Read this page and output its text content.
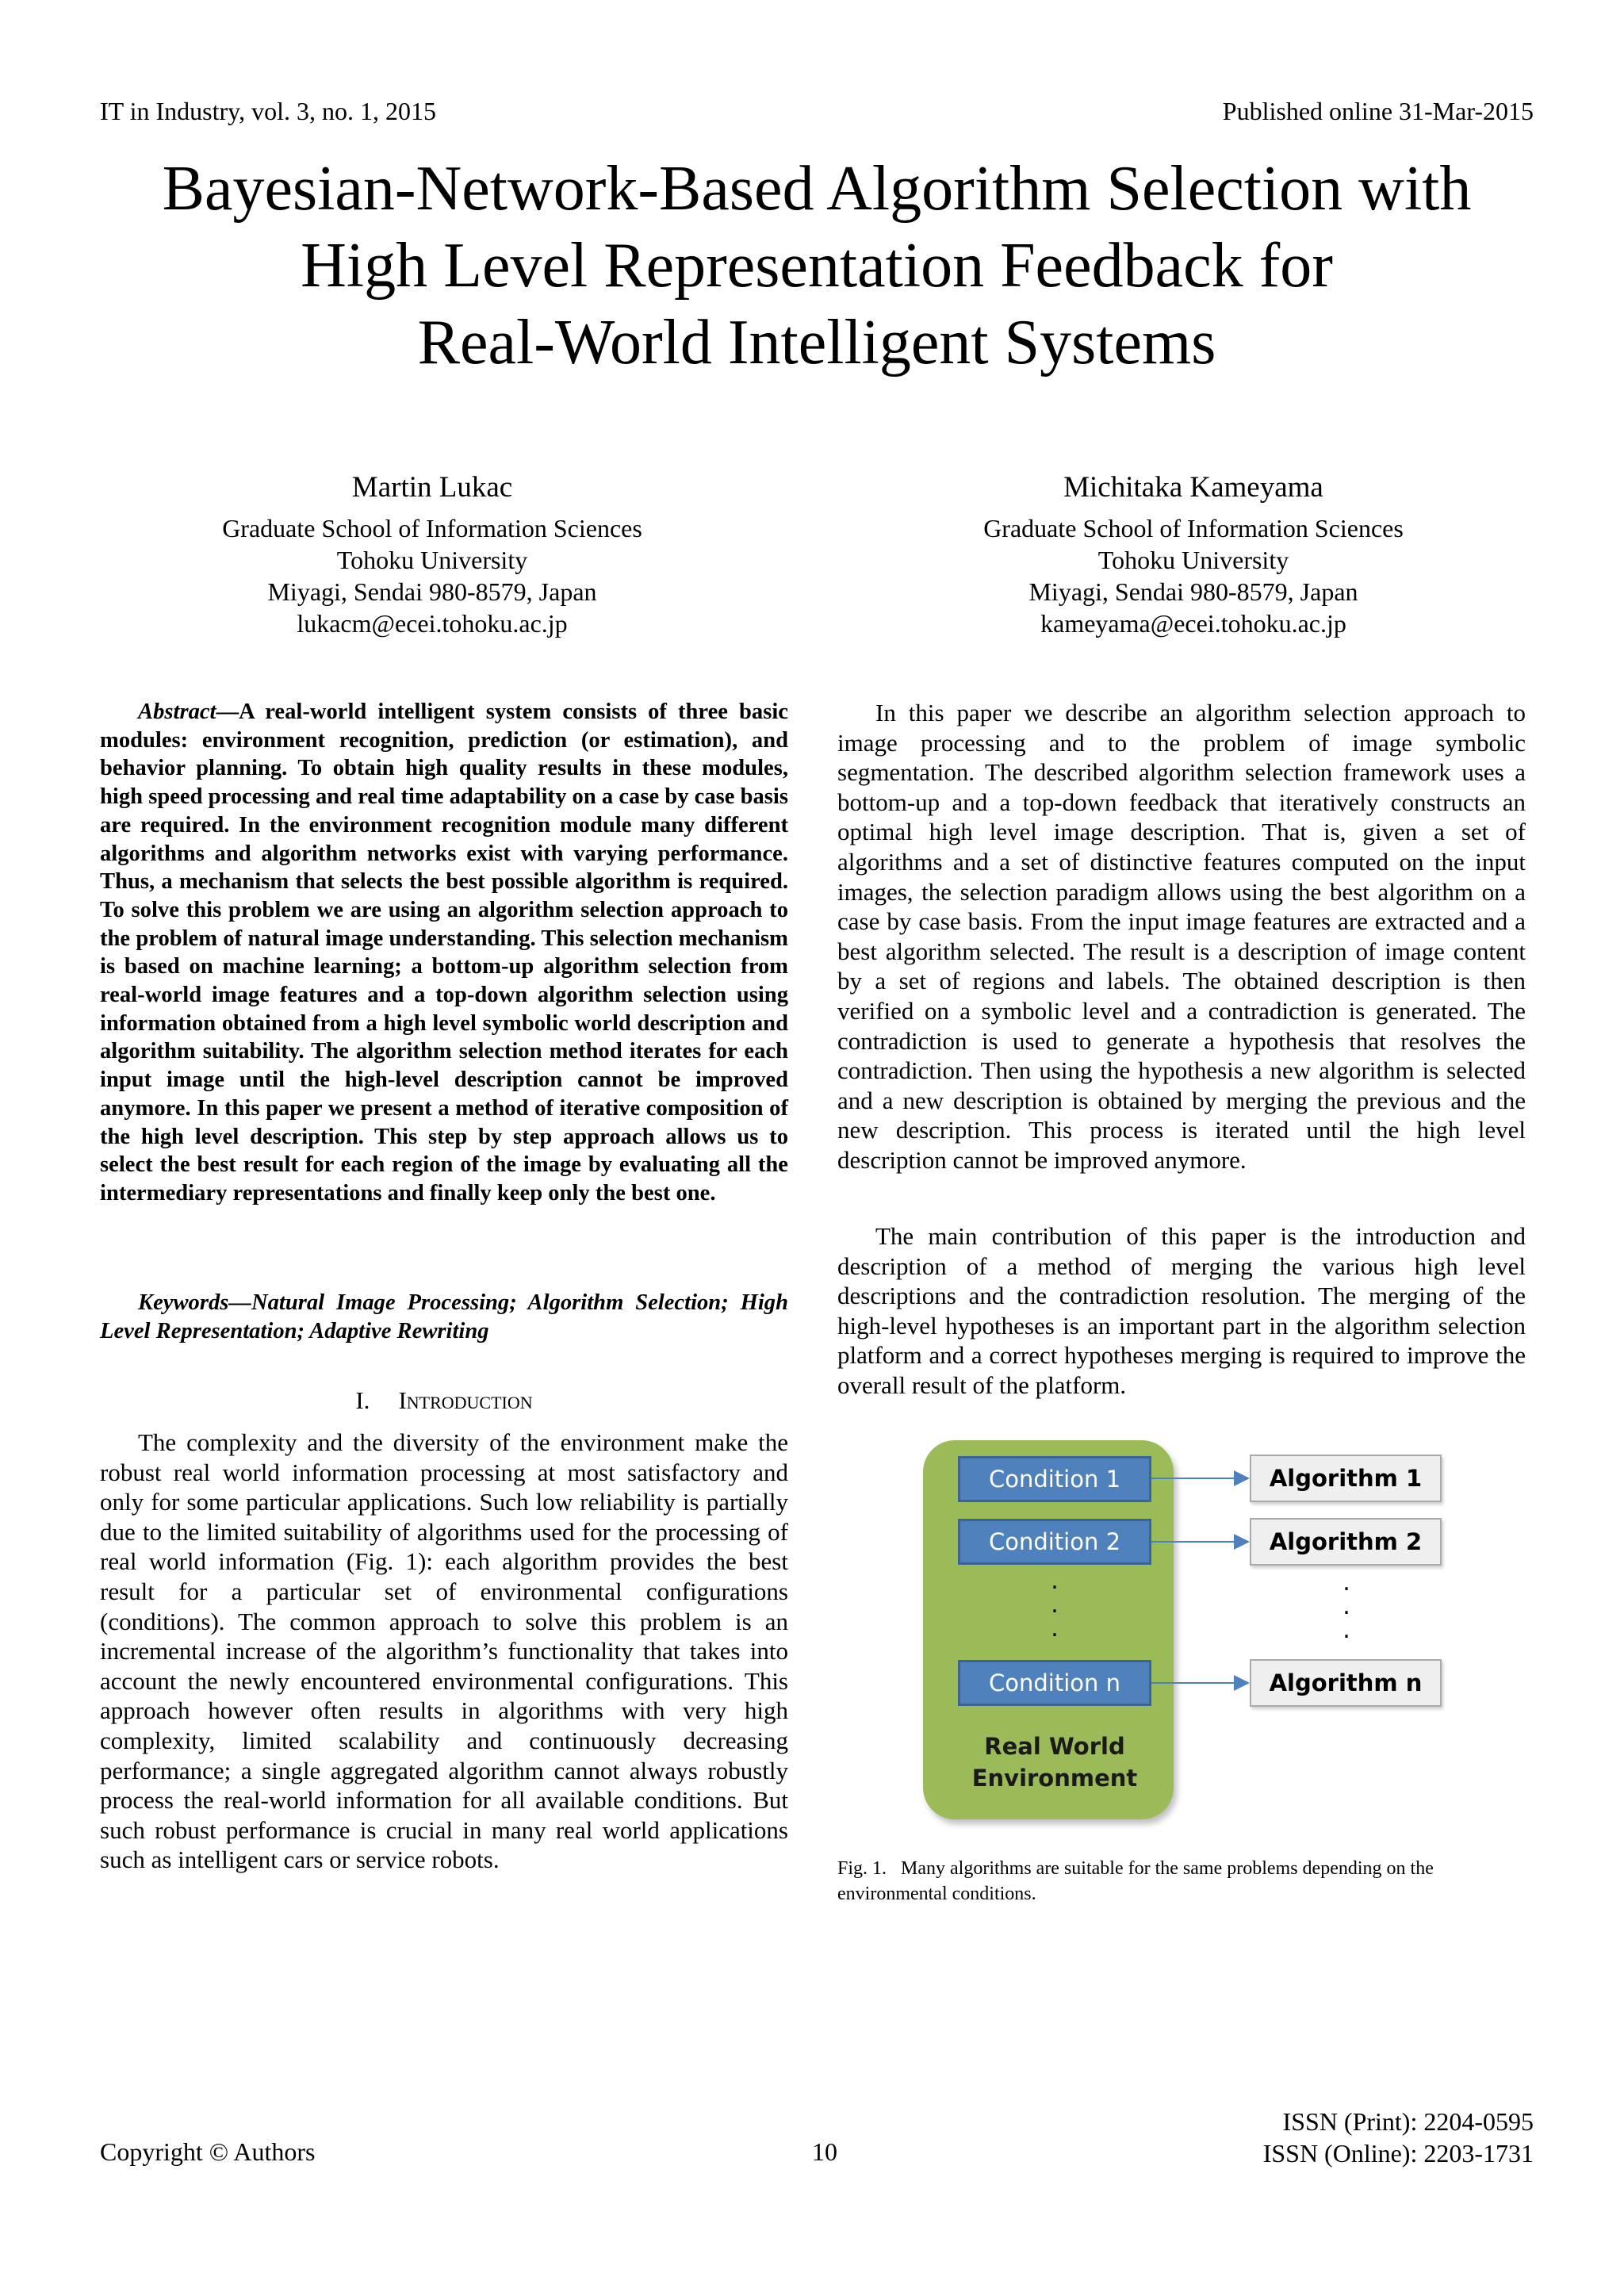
IT in Industry, vol. 3, no. 1, 2015	Published online 31-Mar-2015
Bayesian-Network-Based Algorithm Selection with
High Level Representation Feedback for
Real-World Intelligent Systems
Martin Lukac
Graduate School of Information Sciences
Tohoku University
Miyagi, Sendai 980-8579, Japan
lukacm@ecei.tohoku.ac.jp
Michitaka Kameyama
Graduate School of Information Sciences
Tohoku University
Miyagi, Sendai 980-8579, Japan
kameyama@ecei.tohoku.ac.jp

Abstract—A real-world intelligent system consists of three basic modules: environment recognition, prediction (or estimation), and behavior planning. To obtain high quality results in these modules, high speed processing and real time adaptability on a case by case basis are required. In the environment recognition module many different algorithms and algorithm networks exist with varying performance. Thus, a mechanism that selects the best possible algorithm is required. To solve this problem we are using an algorithm selection approach to the problem of natural image understanding. This selection mechanism is based on machine learning; a bottom-up algorithm selection from real-world image features and a top-down algorithm selection using information obtained from a high level symbolic world description and algorithm suitability. The algorithm selection method iterates for each input image until the high-level description cannot be improved anymore. In this paper we present a method of iterative composition of the high level description. This step by step approach allows us to select the best result for each region of the image by evaluating all the intermediary representations and finally keep only the best one.

Keywords—Natural Image Processing; Algorithm Selection; High Level Representation; Adaptive Rewriting

I. Introduction

The complexity and the diversity of the environment make the robust real world information processing at most satisfactory and only for some particular applications. Such low reliability is partially due to the limited suitability of algorithms used for the processing of real world information (Fig. 1): each algorithm provides the best result for a particular set of environmental configurations (conditions). The common approach to solve this problem is an incremental increase of the algorithm’s functionality that takes into account the newly encountered environmental configurations. This approach however often results in algorithms with very high complexity, limited scalability and continuously decreasing performance; a single aggregated algorithm cannot always robustly process the real-world information for all available conditions. But such robust performance is crucial in many real world applications such as intelligent cars or service robots.

In this paper we describe an algorithm selection approach to image processing and to the problem of image symbolic segmentation. The described algorithm selection framework uses a bottom-up and a top-down feedback that iteratively constructs an optimal high level image description. That is, given a set of algorithms and a set of distinctive features computed on the input images, the selection paradigm allows using the best algorithm on a case by case basis. From the input image features are extracted and a best algorithm selected. The result is a description of image content by a set of regions and labels. The obtained description is then verified on a symbolic level and a contradiction is generated. The contradiction is used to generate a hypothesis that resolves the contradiction. Then using the hypothesis a new algorithm is selected and a new description is obtained by merging the previous and the new description. This process is iterated until the high level description cannot be improved anymore.

The main contribution of this paper is the introduction and description of a method of merging the various high level descriptions and the contradiction resolution. The merging of the high-level hypotheses is an important part in the algorithm selection platform and a correct hypotheses merging is required to improve the overall result of the platform.

Condition 1
Condition 2
Condition n
.
.
.
Algorithm 1
Algorithm 2
Algorithm n
.
.
.
Real World
Environment
Fig. 1. Many algorithms are suitable for the same problems depending on the environmental conditions.
Copyright © Authors	10
ISSN (Print): 2204-0595
ISSN (Online): 2203-1731
